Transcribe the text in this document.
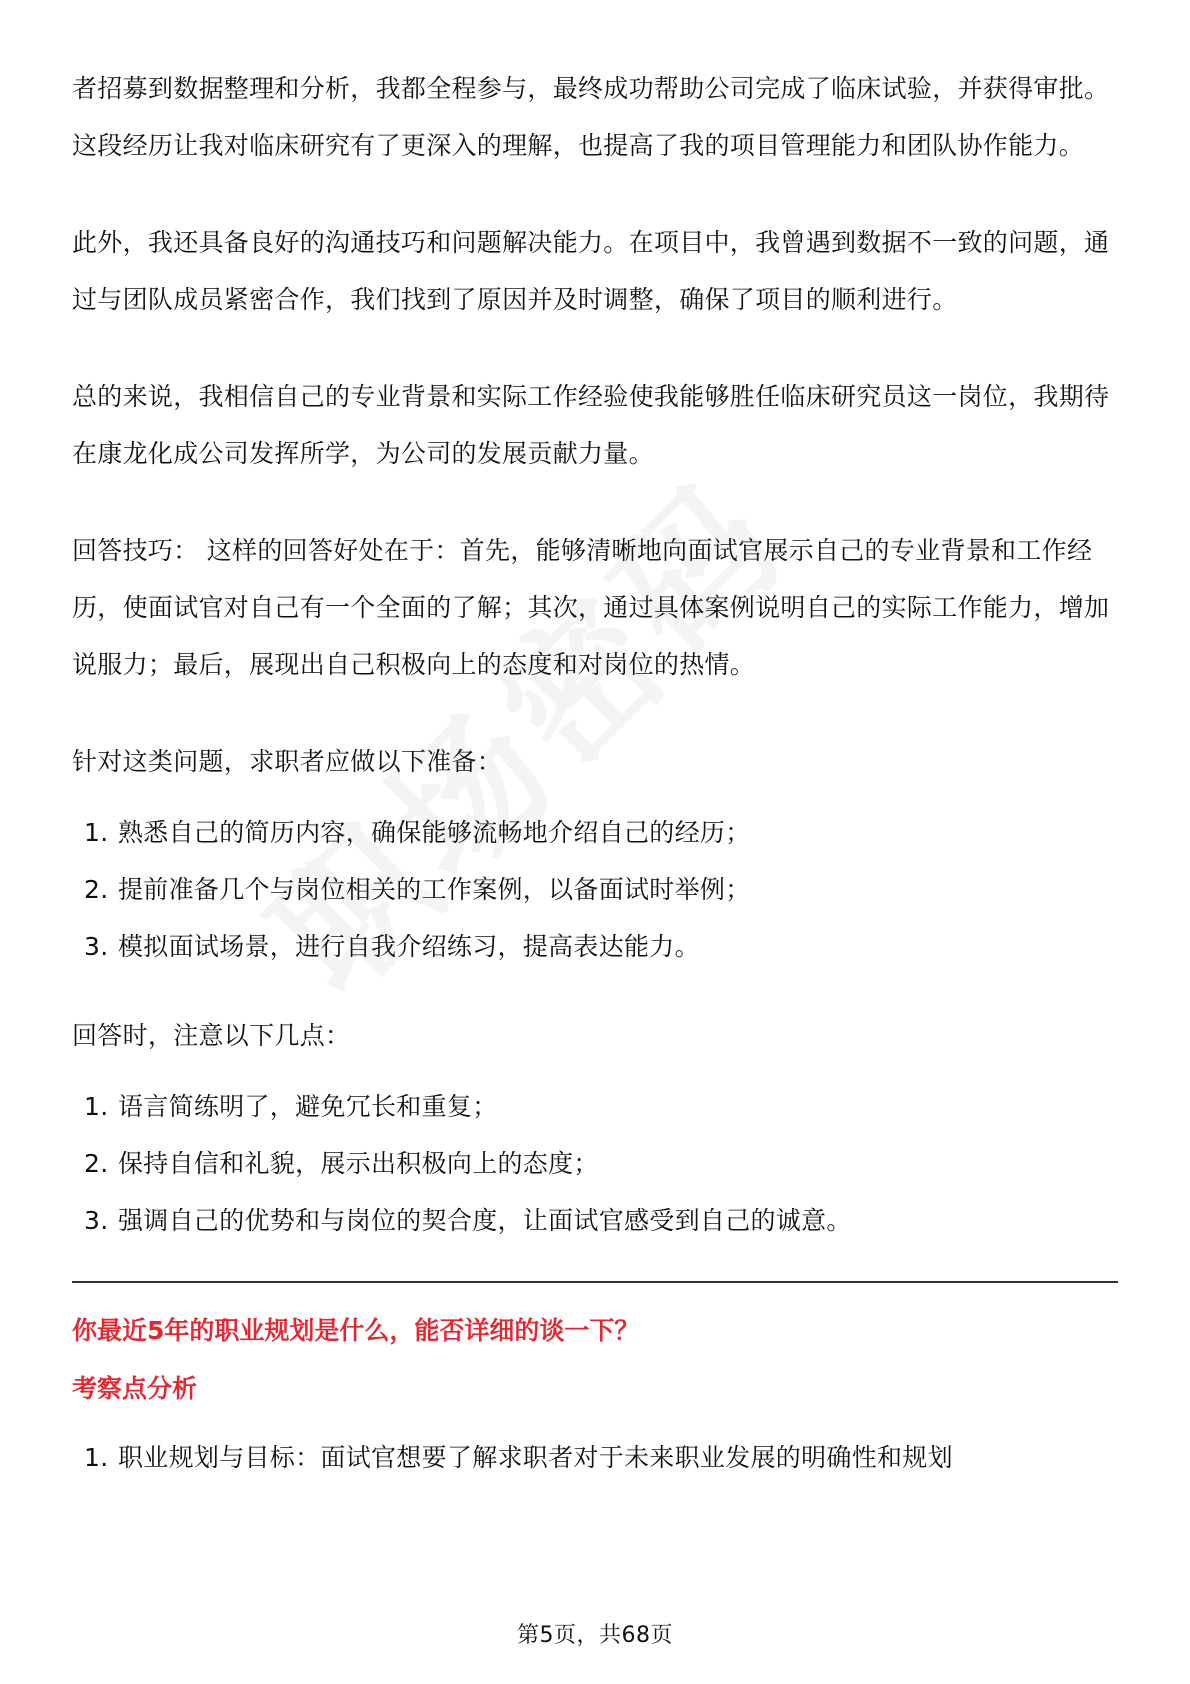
者招募到数据整理和分析，我都全程参与，最终成功帮助公司完成了临床试验，并获得审批。这段经历让我对临床研究有了更深入的理解，也提高了我的项目管理能力和团队协作能力。

此外，我还具备良好的沟通技巧和问题解决能力。在项目中，我曾遇到数据不一致的问题，通过与团队成员紧密合作，我们找到了原因并及时调整，确保了项目的顺利进行。

总的来说，我相信自己的专业背景和实际工作经验使我能够胜任临床研究员这一岗位，我期待在康龙化成公司发挥所学，为公司的发展贡献力量。

回答技巧： 这样的回答好处在于：首先，能够清晰地向面试官展示自己的专业背景和工作经历，使面试官对自己有一个全面的了解；其次，通过具体案例说明自己的实际工作能力，增加说服力；最后，展现出自己积极向上的态度和对岗位的热情。

针对这类问题，求职者应做以下准备：

1. 熟悉自己的简历内容，确保能够流畅地介绍自己的经历；
2. 提前准备几个与岗位相关的工作案例，以备面试时举例；
3. 模拟面试场景，进行自我介绍练习，提高表达能力。

回答时，注意以下几点：

1. 语言简练明了，避免冗长和重复；
2. 保持自信和礼貌，展示出积极向上的态度；
3. 强调自己的优势和与岗位的契合度，让面试官感受到自己的诚意。
你最近5年的职业规划是什么，能否详细的谈一下？
考察点分析
1. 职业规划与目标：面试官想要了解求职者对于未来职业发展的明确性和规划
第5页，共68页
